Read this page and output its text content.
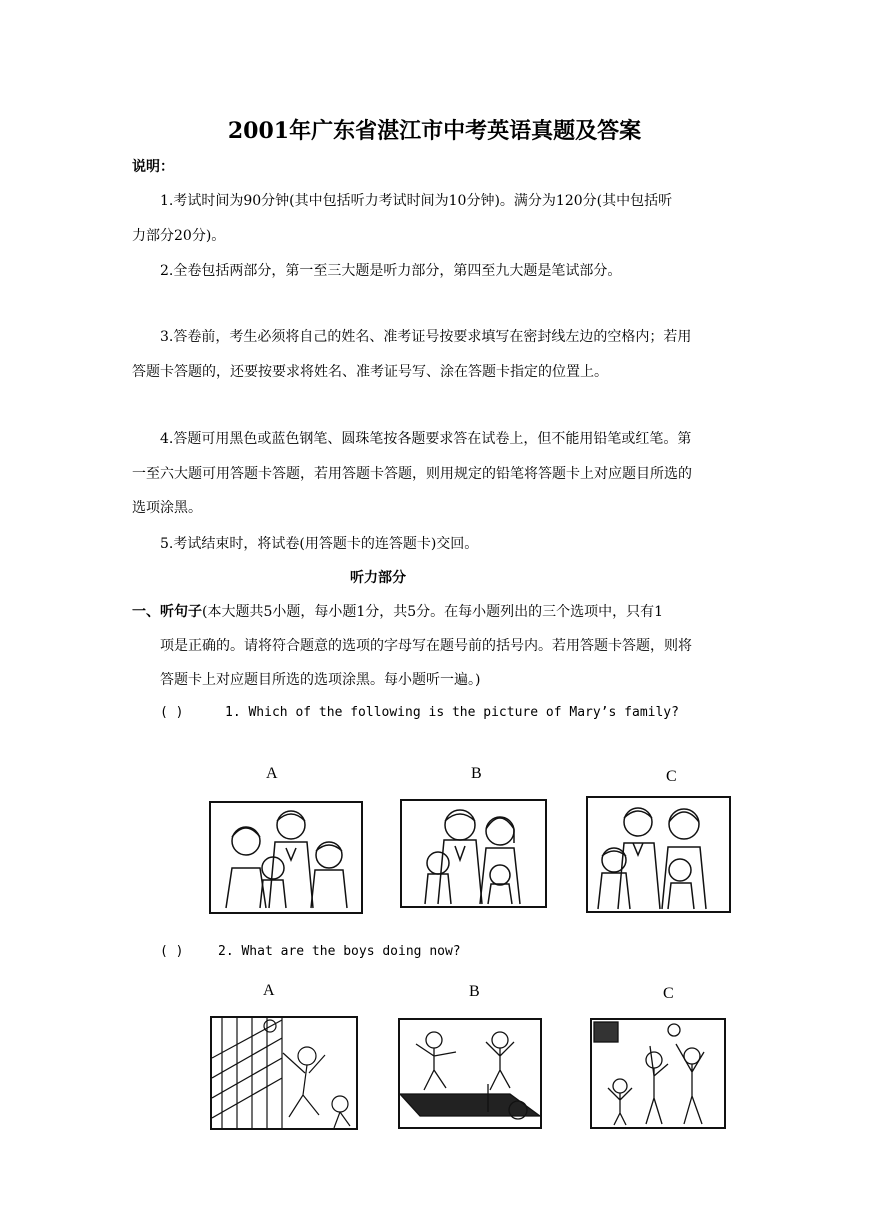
2001年广东省湛江市中考英语真题及答案
说明：
1.考试时间为90分钟(其中包括听力考试时间为10分钟)。满分为120分(其中包括听
力部分20分)。
2.全卷包括两部分，第一至三大题是听力部分，第四至九大题是笔试部分。
3.答卷前，考生必须将自己的姓名、准考证号按要求填写在密封线左边的空格内；若用
答题卡答题的，还要按要求将姓名、准考证号写、涂在答题卡指定的位置上。
4.答题可用黑色或蓝色钢笔、圆珠笔按各题要求答在试卷上，但不能用铅笔或红笔。第
一至六大题可用答题卡答题，若用答题卡答题，则用规定的铅笔将答题卡上对应题目所选的
选项涂黑。
5.考试结束时，将试卷(用答题卡的连答题卡)交回。
听力部分
一、听句子(本大题共5小题，每小题1分，共5分。在每小题列出的三个选项中，只有1
项是正确的。请将符合题意的选项的字母写在题号前的括号内。若用答题卡答题，则将
答题卡上对应题目所选的选项涂黑。每小题听一遍。)
( )	1. Which of the following is the picture of Mary’s family?
A	B	C
( )	2. What are the boys doing now?
A	B	C
